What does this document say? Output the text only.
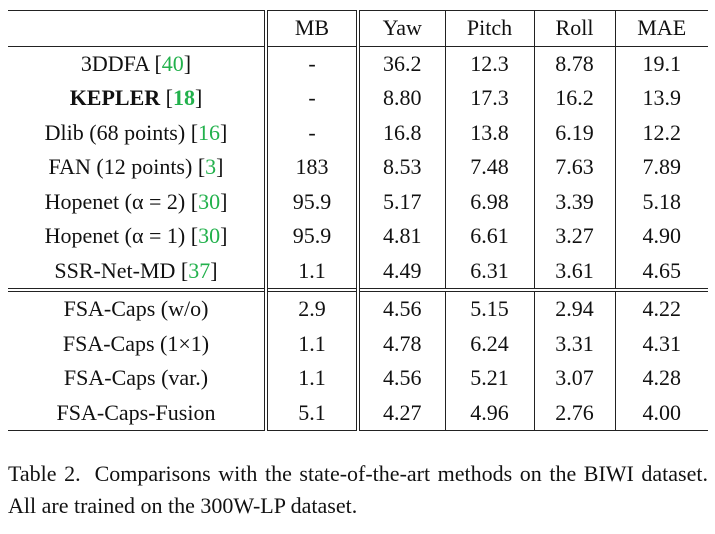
	MB	Yaw	Pitch	Roll	MAE
3DDFA [40]	-	36.2	12.3	8.78	19.1
KEPLER [18]	-	8.80	17.3	16.2	13.9
Dlib (68 points) [16]	-	16.8	13.8	6.19	12.2
FAN (12 points) [3]	183	8.53	7.48	7.63	7.89
Hopenet (α = 2) [30]	95.9	5.17	6.98	3.39	5.18
Hopenet (α = 1) [30]	95.9	4.81	6.61	3.27	4.90
SSR-Net-MD [37]	1.1	4.49	6.31	3.61	4.65
FSA-Caps (w/o)	2.9	4.56	5.15	2.94	4.22
FSA-Caps (1×1)	1.1	4.78	6.24	3.31	4.31
FSA-Caps (var.)	1.1	4.56	5.21	3.07	4.28
FSA-Caps-Fusion	5.1	4.27	4.96	2.76	4.00
Table 2. Comparisons with the state-of-the-art methods on the BIWI dataset. All are trained on the 300W-LP dataset.
